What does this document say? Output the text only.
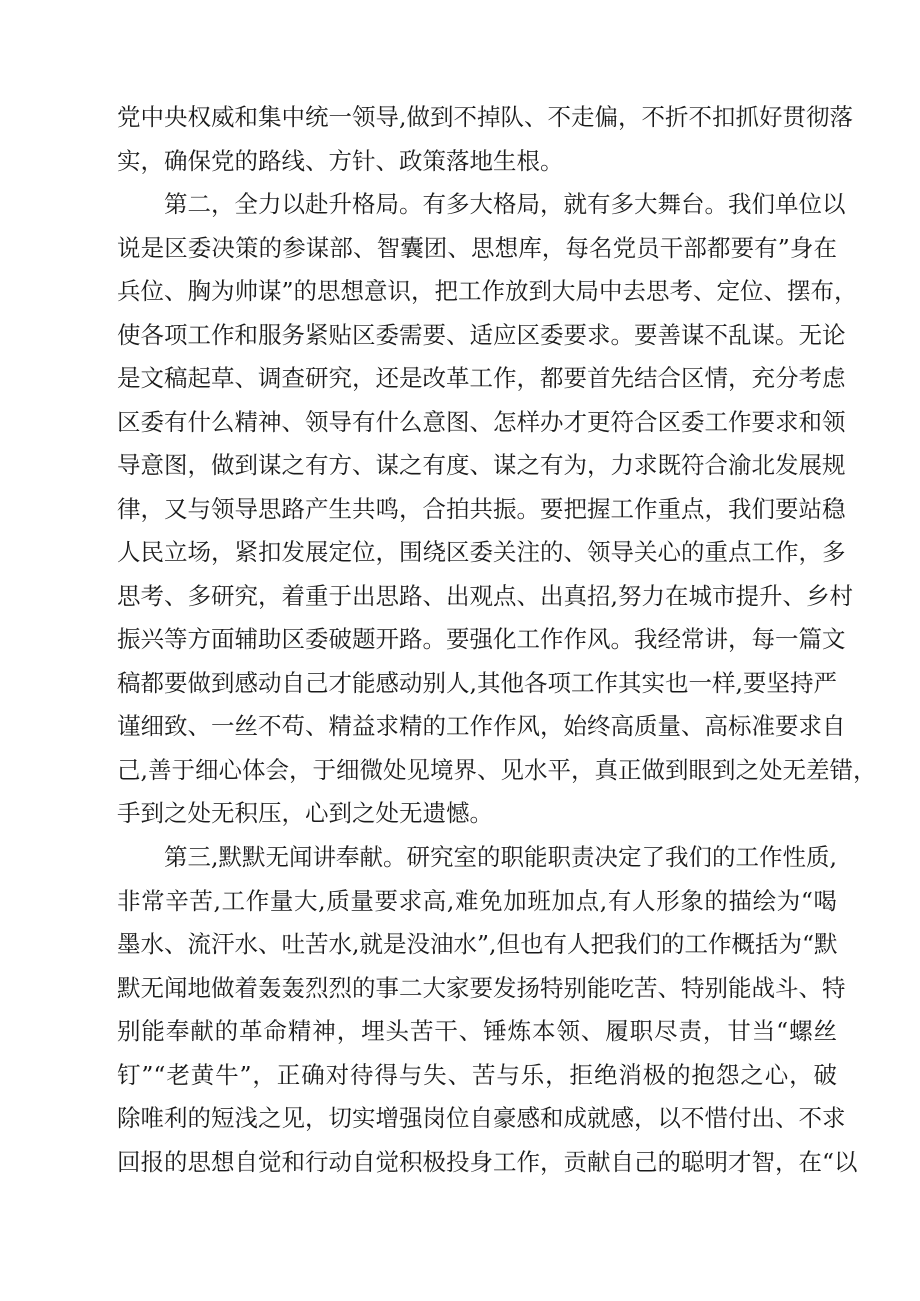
党中央权威和集中统一领导,做到不掉队、不走偏，不折不扣抓好贯彻落
实，确保党的路线、方针、政策落地生根。

第二，全力以赴升格局。有多大格局，就有多大舞台。我们单位以
说是区委决策的参谋部、智囊团、思想库，每名党员干部都要有”身在
兵位、胸为帅谋”的思想意识，把工作放到大局中去思考、定位、摆布，
使各项工作和服务紧贴区委需要、适应区委要求。要善谋不乱谋。无论
是文稿起草、调查研究，还是改革工作，都要首先结合区情，充分考虑
区委有什么精神、领导有什么意图、怎样办才更符合区委工作要求和领
导意图，做到谋之有方、谋之有度、谋之有为，力求既符合渝北发展规
律，又与领导思路产生共鸣，合拍共振。要把握工作重点，我们要站稳
人民立场，紧扣发展定位，围绕区委关注的、领导关心的重点工作，多
思考、多研究，着重于出思路、出观点、出真招,努力在城市提升、乡村
振兴等方面辅助区委破题开路。要强化工作作风。我经常讲，每一篇文
稿都要做到感动自己才能感动别人,其他各项工作其实也一样,要坚持严
谨细致、一丝不苟、精益求精的工作作风，始终高质量、高标准要求自
己,善于细心体会，于细微处见境界、见水平，真正做到眼到之处无差错，
手到之处无积压，心到之处无遗憾。

第三,默默无闻讲奉献。研究室的职能职责决定了我们的工作性质,
非常辛苦,工作量大,质量要求高,难免加班加点,有人形象的描绘为“喝
墨水、流汗水、吐苦水,就是没油水”,但也有人把我们的工作概括为“默
默无闻地做着轰轰烈烈的事二大家要发扬特别能吃苦、特别能战斗、特
别能奉献的革命精神，埋头苦干、锤炼本领、履职尽责，甘当“螺丝
钉”“老黄牛”，正确对待得与失、苦与乐，拒绝消极的抱怨之心，破
除唯利的短浅之见，切实增强岗位自豪感和成就感，以不惜付出、不求
回报的思想自觉和行动自觉积极投身工作，贡献自己的聪明才智，在“以
